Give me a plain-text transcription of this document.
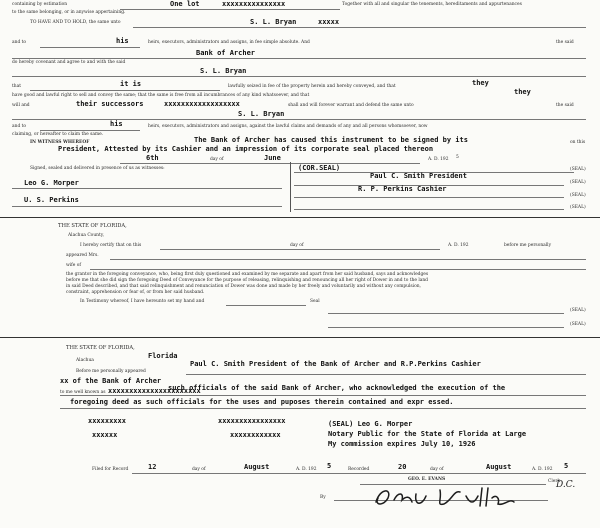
containing by estimation	One lot	xxxxxxxxxxxxxxx	Together with all and singular the tenements, hereditaments and appurtenances
to the same belonging, or in anywise appertaining.
TO HAVE AND TO HOLD, the same unto	S. L. Bryan	xxxxx
and to	his	heirs, executors, administrators and assigns, in fee simple absolute. And	the said
Bank of Archer
do hereby covenant and agree to and with the said
S. L. Bryan
that	it is	lawfully seized in fee of the property herein and hereby conveyed, and that	they
they
have good and lawful right to sell and convey the same; that the same is free from all incumbrances of any kind whatsoever, and that
will and	their successors	xxxxxxxxxxxxxxxxxx	shall and will forever warrant and defend the same unto	the said
S. L. Bryan
and to	his	heirs, executors, administrators and assigns, against the lawful claims and demands of any and all persons whomsoever, now
claiming, or hereafter to claim the same.
IN WITNESS WHEREOF	The Bank of Archer has caused this instrument to be signed by its
President, Attested by its Cashier and an impression of its corporate seal placed thereon
on this
6th	day of	June	A. D. 192 5
Signed, sealed and delivered in presence of us as witnesses:	(COR.SEAL)	(SEAL)
Leo G. Morper
Paul C. Smith President
(SEAL)
R. P. Perkins Cashier
U. S. Perkins
(SEAL)
(SEAL)
THE STATE OF FLORIDA,
Alachua County,
I hereby certify that on this	day of	A. D. 192	before me personally
appeared Mrs.
wife of
the grantor in the foregoing conveyance, who, being first duly questioned and examined by me separate and apart from her said husband, says and acknowledges
before me that she did sign the foregoing Deed of Conveyance for the purpose of releasing, relinquishing and renouncing all her right of Dower in and to the land
in said Deed described, and that said relinquishment and renunciation of Dower was done and made by her freely and voluntarily and without any compulsion,
constraint, apprehension or fear of, or from her said husband.
In Testimony whereof, I have hereunto set my hand and	Seal
(SEAL)
(SEAL)
THE STATE OF FLORIDA,
Florida
Alachua	Paul C. Smith President of the Bank of Archer and R.P.Perkins Cashier
Before me personally appeared
xx of the Bank of Archer
to me well known as xxxxxxxxxxxxxxxxxxxxxx
such officials of the said Bank of Archer, who acknowledged the execution of the
foregoing deed as such officials for the uses and puposes therein contained and expr essed.
xxxxxxxxx	xxxxxxxxxxxxxxxx
xxxxxx	xxxxxxxxxxxx
(SEAL) Leo G. Morper
Notary Public for the State of Florida at Large
My commission expires July 10, 1926
Filed for Record	12	day of	August	A. D. 192 5	Recorded	20	day of	August	A. D. 192 5
GEO. E. EVANS	Clerk
By
D.C.
